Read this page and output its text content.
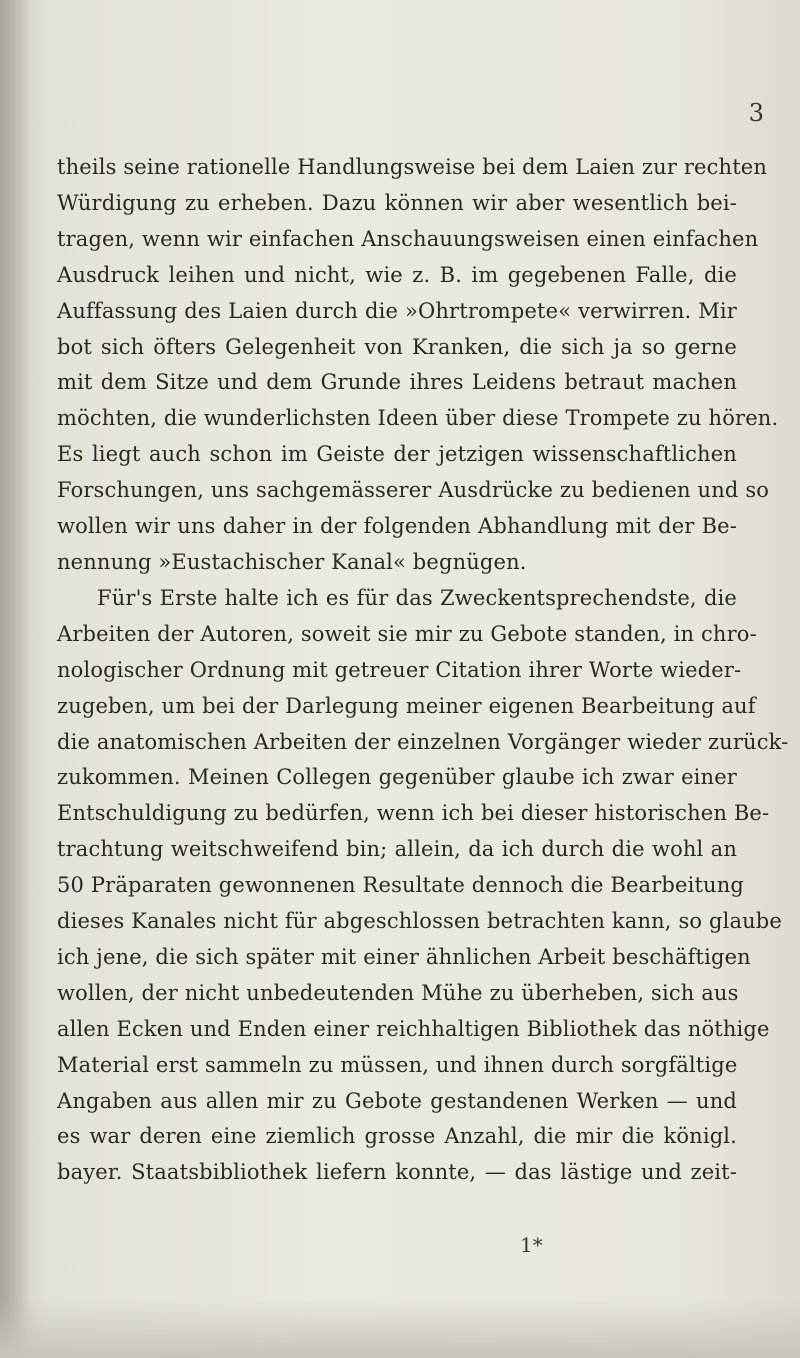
3
theils seine rationelle Handlungsweise bei dem Laien zur rechten
Würdigung zu erheben. Dazu können wir aber wesentlich bei-
tragen, wenn wir einfachen Anschauungsweisen einen einfachen
Ausdruck leihen und nicht, wie z. B. im gegebenen Falle, die
Auffassung des Laien durch die »Ohrtrompete« verwirren. Mir
bot sich öfters Gelegenheit von Kranken, die sich ja so gerne
mit dem Sitze und dem Grunde ihres Leidens betraut machen
möchten, die wunderlichsten Ideen über diese Trompete zu hören.
Es liegt auch schon im Geiste der jetzigen wissenschaftlichen
Forschungen, uns sachgemässerer Ausdrücke zu bedienen und so
wollen wir uns daher in der folgenden Abhandlung mit der Be-
nennung »Eustachischer Kanal« begnügen.
Für's Erste halte ich es für das Zweckentsprechendste, die
Arbeiten der Autoren, soweit sie mir zu Gebote standen, in chro-
nologischer Ordnung mit getreuer Citation ihrer Worte wieder-
zugeben, um bei der Darlegung meiner eigenen Bearbeitung auf
die anatomischen Arbeiten der einzelnen Vorgänger wieder zurück-
zukommen. Meinen Collegen gegenüber glaube ich zwar einer
Entschuldigung zu bedürfen, wenn ich bei dieser historischen Be-
trachtung weitschweifend bin; allein, da ich durch die wohl an
50 Präparaten gewonnenen Resultate dennoch die Bearbeitung
dieses Kanales nicht für abgeschlossen betrachten kann, so glaube
ich jene, die sich später mit einer ähnlichen Arbeit beschäftigen
wollen, der nicht unbedeutenden Mühe zu überheben, sich aus
allen Ecken und Enden einer reichhaltigen Bibliothek das nöthige
Material erst sammeln zu müssen, und ihnen durch sorgfältige
Angaben aus allen mir zu Gebote gestandenen Werken — und
es war deren eine ziemlich grosse Anzahl, die mir die königl.
bayer. Staatsbibliothek liefern konnte, — das lästige und zeit-
1*
